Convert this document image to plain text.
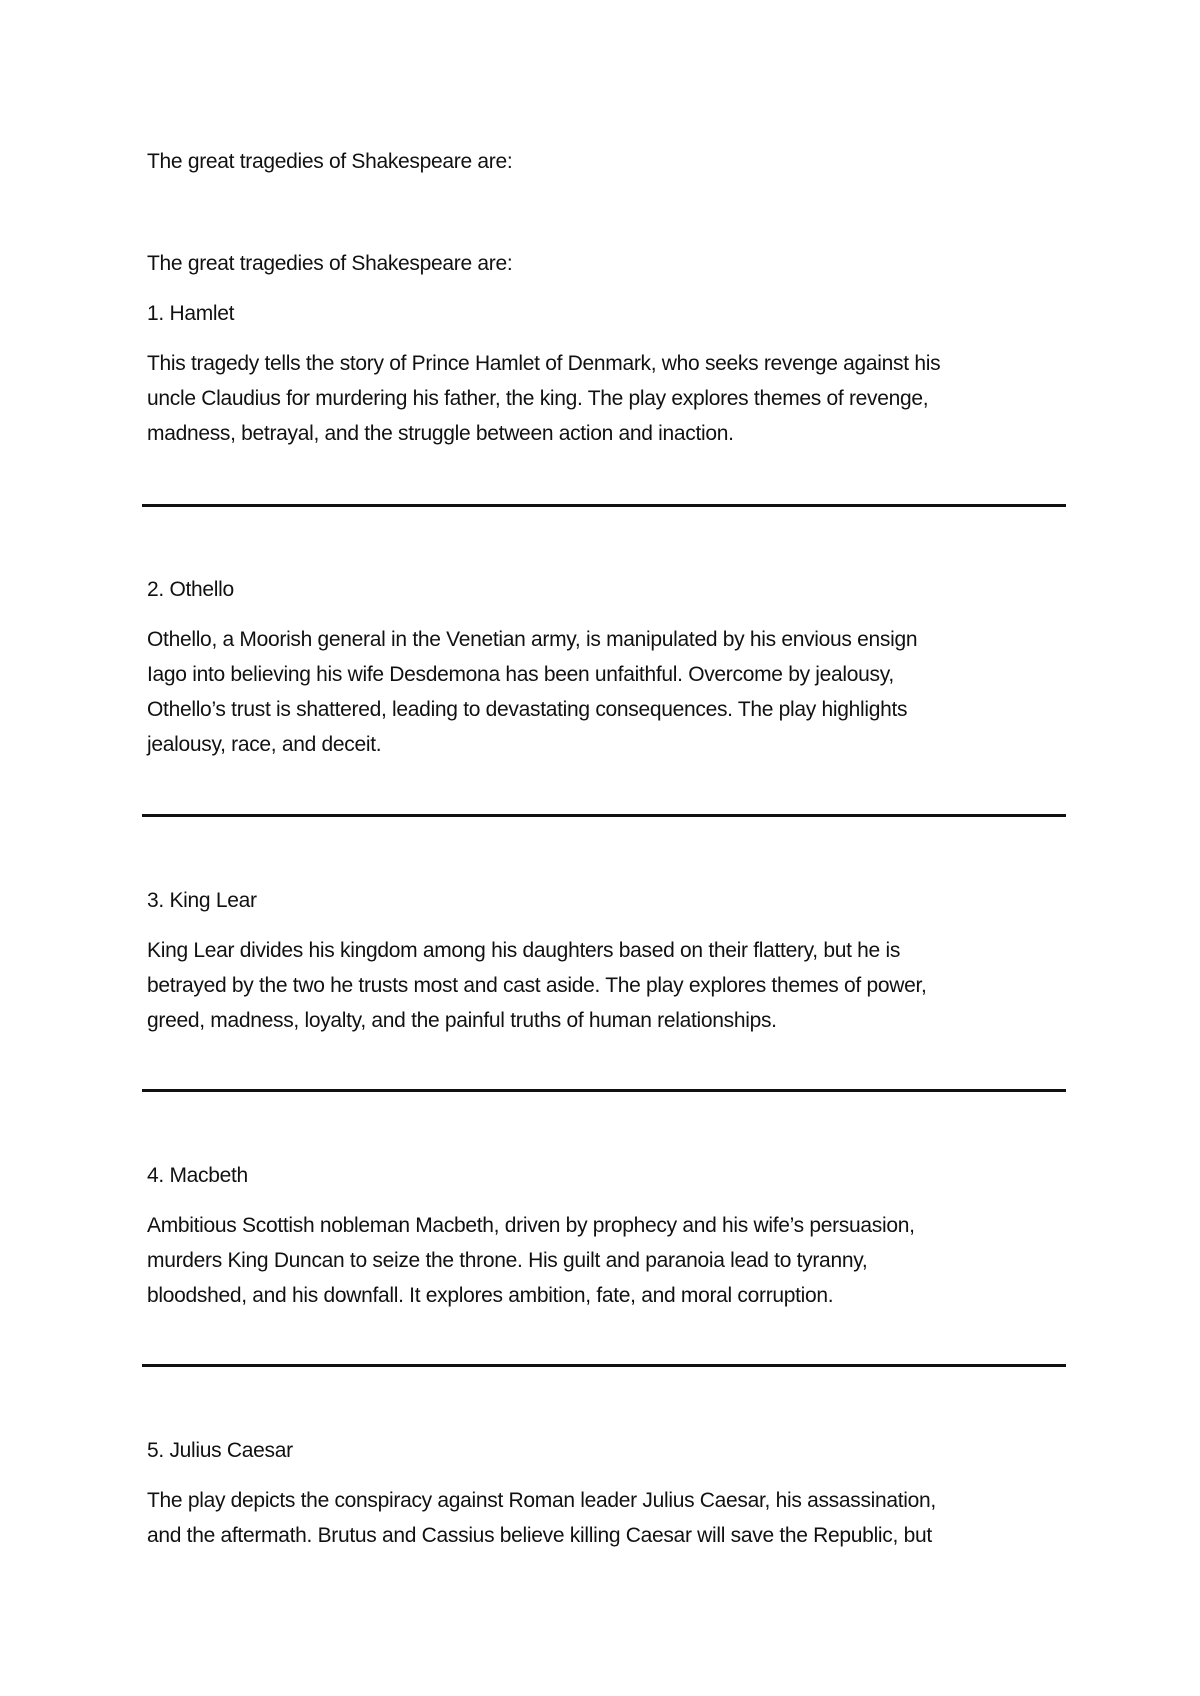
The great tragedies of Shakespeare are:
The great tragedies of Shakespeare are:
1. Hamlet
This tragedy tells the story of Prince Hamlet of Denmark, who seeks revenge against his
uncle Claudius for murdering his father, the king. The play explores themes of revenge,
madness, betrayal, and the struggle between action and inaction.
2. Othello
Othello, a Moorish general in the Venetian army, is manipulated by his envious ensign
Iago into believing his wife Desdemona has been unfaithful. Overcome by jealousy,
Othello’s trust is shattered, leading to devastating consequences. The play highlights
jealousy, race, and deceit.
3. King Lear
King Lear divides his kingdom among his daughters based on their flattery, but he is
betrayed by the two he trusts most and cast aside. The play explores themes of power,
greed, madness, loyalty, and the painful truths of human relationships.
4. Macbeth
Ambitious Scottish nobleman Macbeth, driven by prophecy and his wife’s persuasion,
murders King Duncan to seize the throne. His guilt and paranoia lead to tyranny,
bloodshed, and his downfall. It explores ambition, fate, and moral corruption.
5. Julius Caesar
The play depicts the conspiracy against Roman leader Julius Caesar, his assassination,
and the aftermath. Brutus and Cassius believe killing Caesar will save the Republic, but
